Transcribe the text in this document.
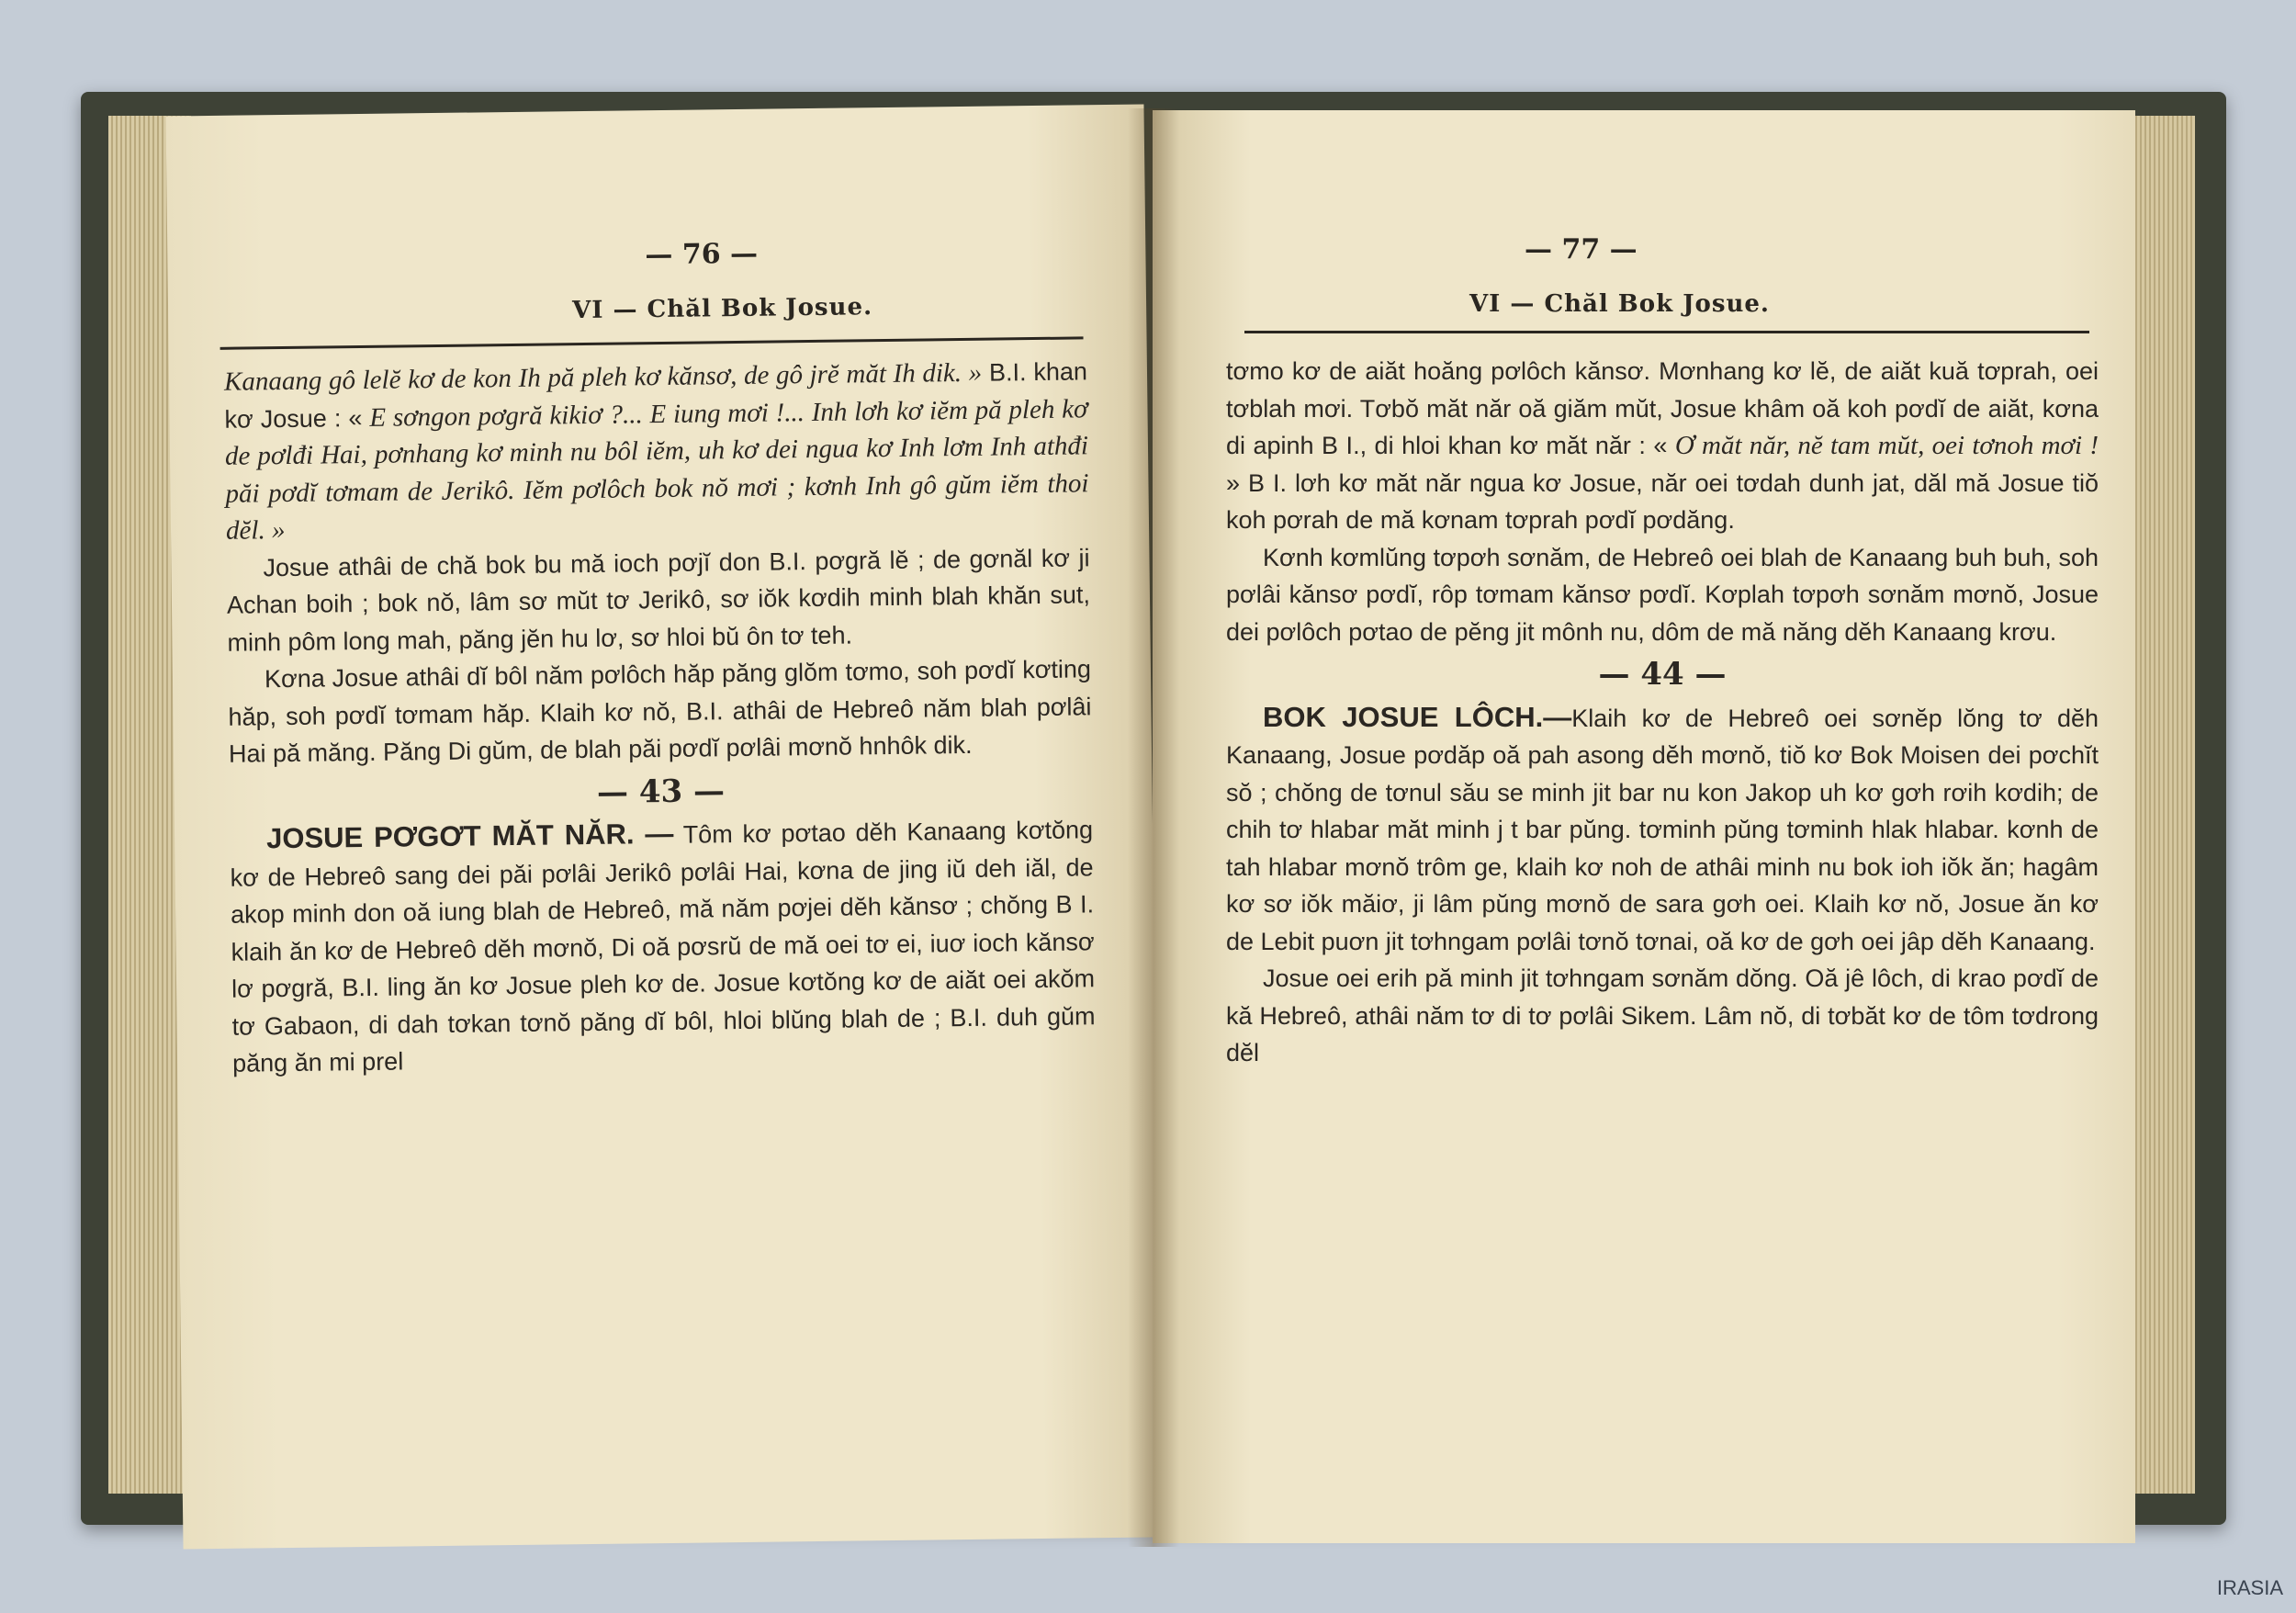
— 76 —
VI — Chăl Bok Josue.

Kanaang gô lelĕ kơ de kon Ih pă pleh kơ kănsơ, de gô jrĕ măt Ih dik. » B.I. khan kơ Josue : « E sơngon pơgră kikiơ ?... E iung mơi !... Inh lơh kơ iĕm pă pleh kơ de pơlđi Hai, pơnhang kơ minh nu bôl iĕm, uh kơ dei ngua kơ Inh lơm Inh athđi păi pơdĭ tơmam de Jerikô. Iĕm pơlôch bok nŏ mơi ; kơnh Inh gô gŭm iĕm thoi dĕl. »

Josue athâi de chă bok bu mă ioch pơjĭ don B.I. pơgră lĕ ; de gơnăl kơ ji Achan boih ; bok nŏ, lâm sơ mŭt tơ Jerikô, sơ iŏk kơdih minh blah khăn sut, minh pôm long mah, păng jĕn hu lơ, sơ hloi bŭ ôn tơ teh.

Kơna Josue athâi dĭ bôl năm pơlôch hăp păng glŏm tơmo, soh pơdĭ kơting hăp, soh pơdĭ tơmam hăp. Klaih kơ nŏ, B.I. athâi de Hebreô năm blah pơlâi Hai pă măng. Păng Di gŭm, de blah păi pơdĭ pơlâi mơnŏ hnhôk dik.

— 43 —

JOSUE PƠGƠT MĂT NĂR. — Tôm kơ pơtao dĕh Kanaang kơtŏng kơ de Hebreô sang dei păi pơlâi Jerikô pơlâi Hai, kơna de jing iŭ deh iăl, de akop minh don oă iung blah de Hebreô, mă năm pơjei dĕh kănsơ ; chŏng B I. klaih ăn kơ de Hebreô dĕh mơnŏ, Di oă pơsrŭ de mă oei tơ ei, iuơ ioch kănsơ lơ pơgră, B.I. ling ăn kơ Josue pleh kơ de. Josue kơtŏng kơ de aiăt oei akŏm tơ Gabaon, di dah tơkan tơnŏ păng dĭ bôl, hloi blŭng blah de ; B.I. duh gŭm păng ăn mi prel

— 77 —
VI — Chăl Bok Josue.

tơmo kơ de aiăt hoăng pơlôch kănsơ. Mơnhang kơ lĕ, de aiăt kuă tơprah, oei tơblah mơi. Tơbŏ măt năr oă giăm mŭt, Josue khâm oă koh pơdĭ de aiăt, kơna di apinh B I., di hloi khan kơ măt năr : « Ơ măt năr, nĕ tam mŭt, oei tơnoh mơi ! » B I. lơh kơ măt năr ngua kơ Josue, năr oei tơdah dunh jat, dăl mă Josue tiŏ koh pơrah de mă kơnam tơprah pơdĭ pơdăng.

Kơnh kơmlŭng tơpơh sơnăm, de Hebreô oei blah de Kanaang buh buh, soh pơlâi kănsơ pơdĭ, rôp tơmam kănsơ pơdĭ. Kơplah tơpơh sơnăm mơnŏ, Josue dei pơlôch pơtao de pĕng jit mônh nu, dôm de mă năng dĕh Kanaang krơu.

— 44 —

BOK JOSUE LÔCH.—Klaih kơ de Hebreô oei sơnĕp lŏng tơ dĕh Kanaang, Josue pơdăp oă pah asong dĕh mơnŏ, tiŏ kơ Bok Moisen dei pơchĭt sŏ ; chŏng de tơnul său se minh jit bar nu kon Jakop uh kơ gơh rơih kơdih; de chih tơ hlabar măt minh j t bar pŭng. tơminh pŭng tơminh hlak hlabar. kơnh de tah hlabar mơnŏ trôm ge, klaih kơ noh de athâi minh nu bok ioh iŏk ăn; hagâm kơ sơ iŏk măiơ, ji lâm pŭng mơnŏ de sara gơh oei. Klaih kơ nŏ, Josue ăn kơ de Lebit puơn jit tơhngam pơlâi tơnŏ tơnai, oă kơ de gơh oei jâp dĕh Kanaang.

Josue oei erih pă minh jit tơhngam sơnăm dŏng. Oă jê lôch, di krao pơdĭ de kă Hebreô, athâi năm tơ di tơ pơlâi Sikem. Lâm nŏ, di tơbăt kơ de tôm tơdrong dĕl

IRASIA
